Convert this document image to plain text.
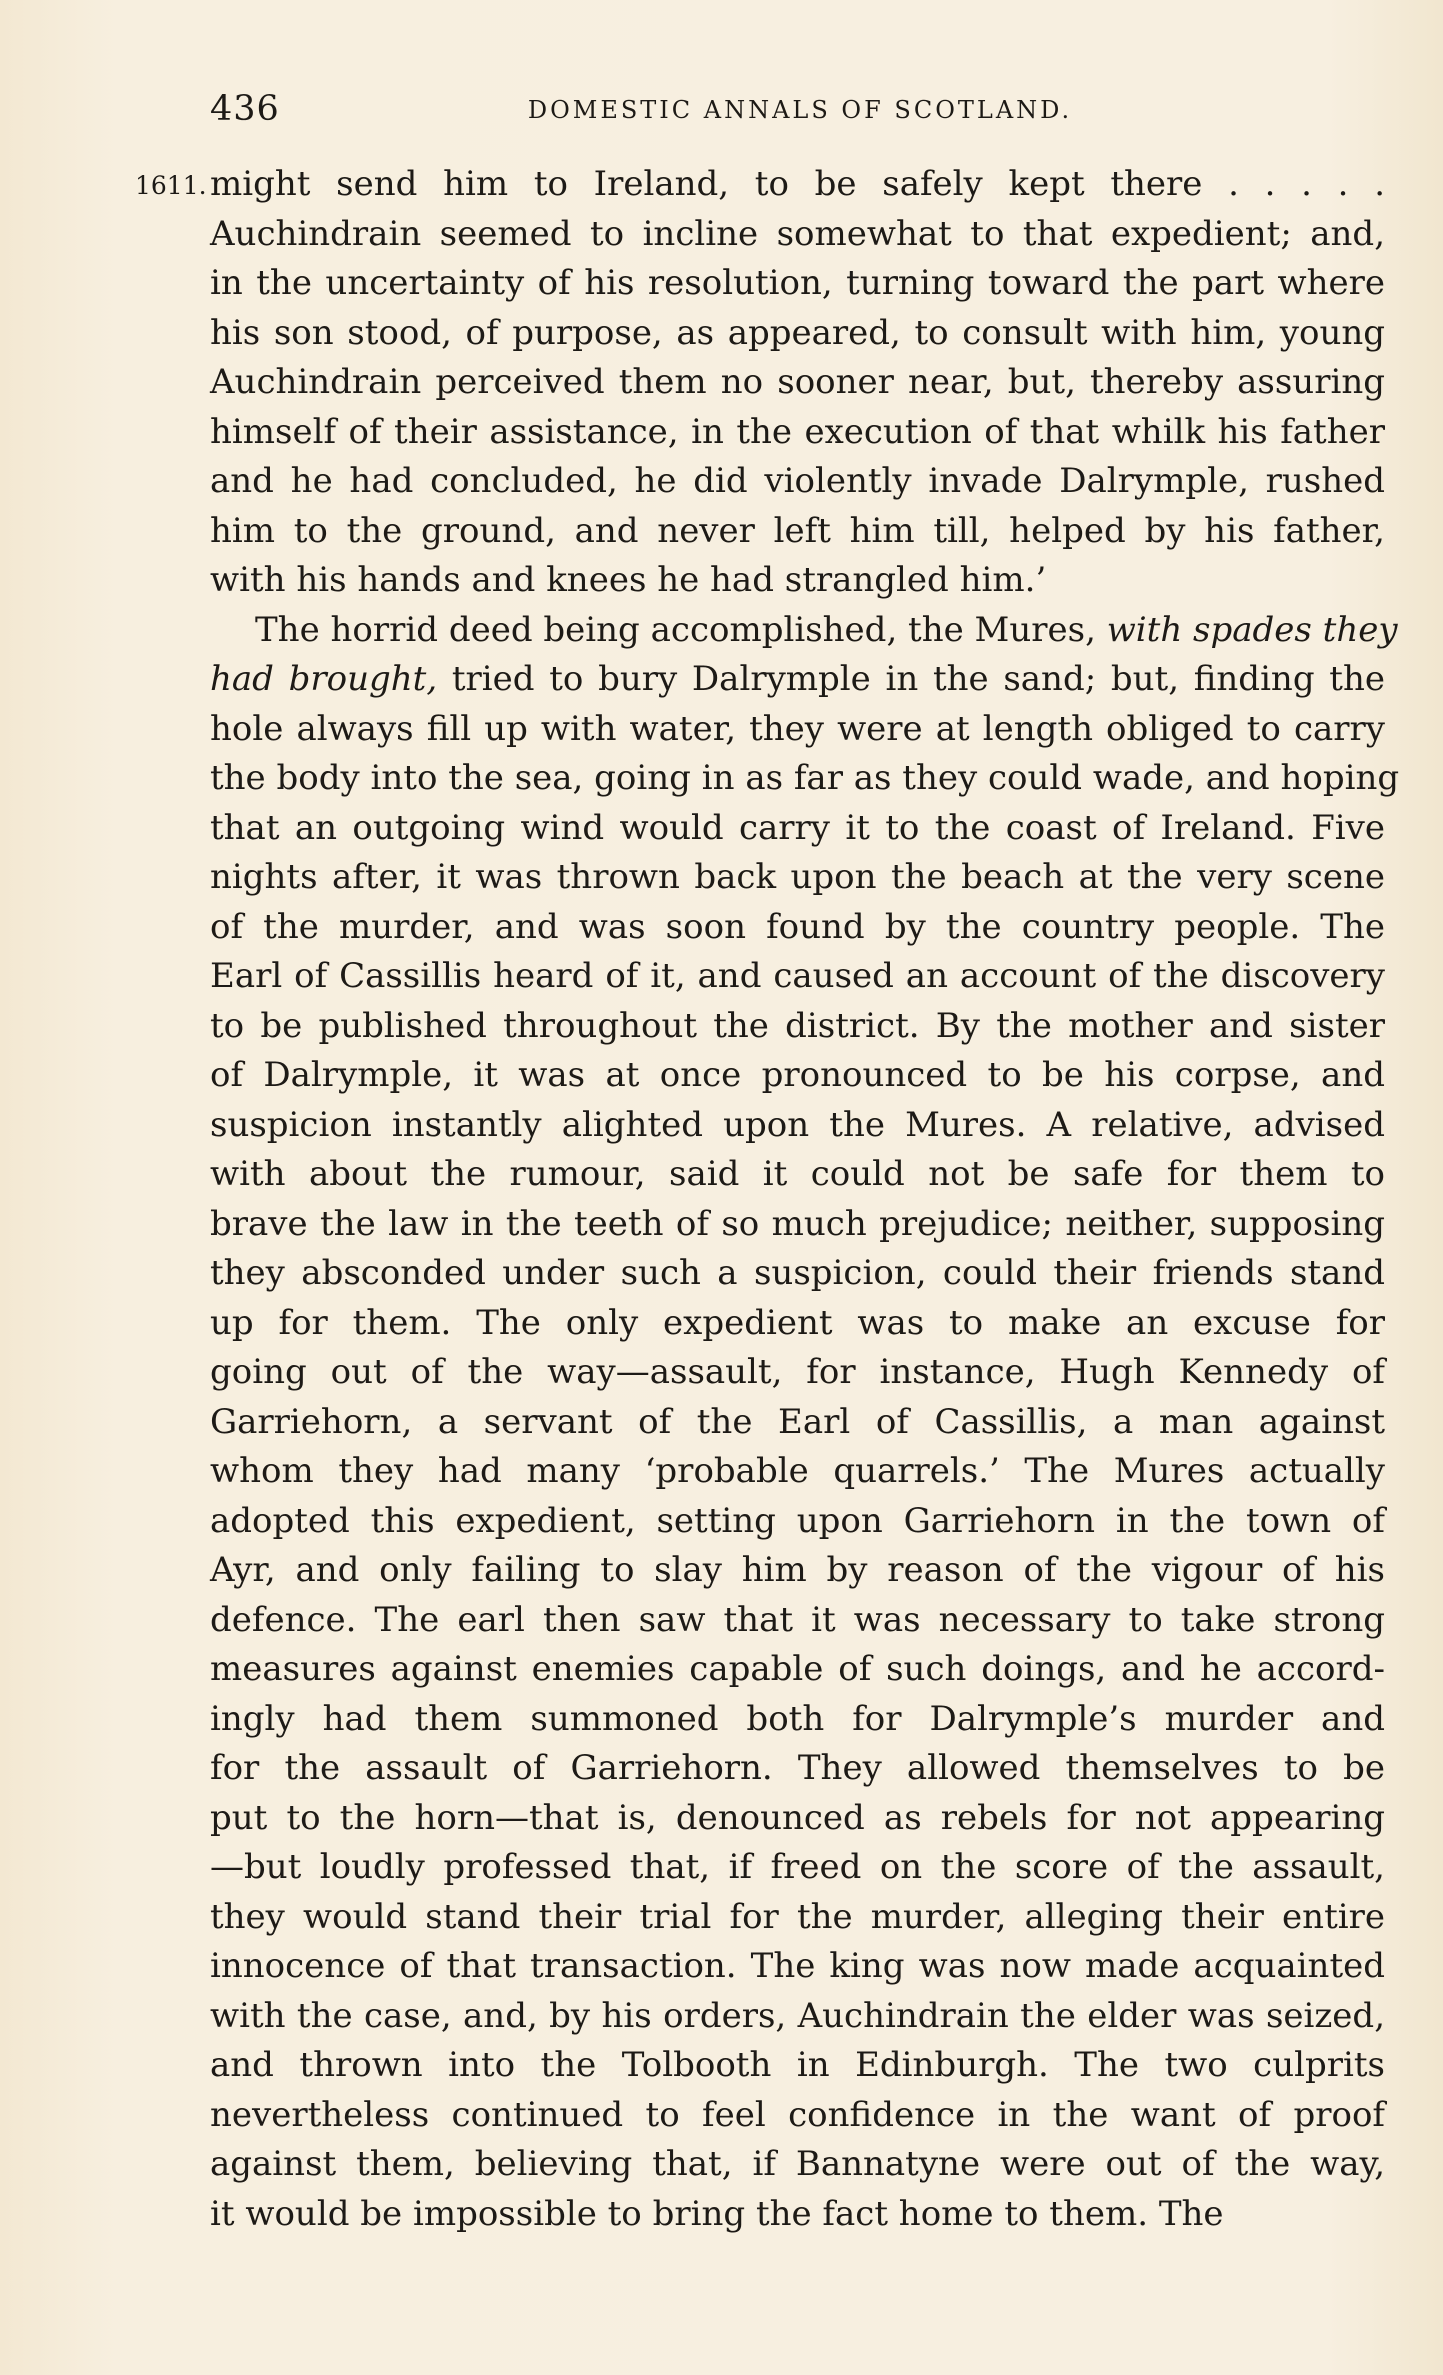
436	DOMESTIC ANNALS OF SCOTLAND.
1611. might send him to Ireland, to be safely kept there . . . . .
Auchindrain seemed to incline somewhat to that expedient; and,
in the uncertainty of his resolution, turning toward the part where
his son stood, of purpose, as appeared, to consult with him, young
Auchindrain perceived them no sooner near, but, thereby assuring
himself of their assistance, in the execution of that whilk his father
and he had concluded, he did violently invade Dalrymple, rushed
him to the ground, and never left him till, helped by his father,
with his hands and knees he had strangled him.’
The horrid deed being accomplished, the Mures, with spades they
had brought, tried to bury Dalrymple in the sand; but, finding the
hole always fill up with water, they were at length obliged to carry
the body into the sea, going in as far as they could wade, and hoping
that an outgoing wind would carry it to the coast of Ireland. Five
nights after, it was thrown back upon the beach at the very scene
of the murder, and was soon found by the country people. The
Earl of Cassillis heard of it, and caused an account of the discovery
to be published throughout the district. By the mother and sister
of Dalrymple, it was at once pronounced to be his corpse, and
suspicion instantly alighted upon the Mures. A relative, advised
with about the rumour, said it could not be safe for them to
brave the law in the teeth of so much prejudice; neither, supposing
they absconded under such a suspicion, could their friends stand
up for them. The only expedient was to make an excuse for
going out of the way—assault, for instance, Hugh Kennedy of
Garriehorn, a servant of the Earl of Cassillis, a man against
whom they had many ‘probable quarrels.’ The Mures actually
adopted this expedient, setting upon Garriehorn in the town of
Ayr, and only failing to slay him by reason of the vigour of his
defence. The earl then saw that it was necessary to take strong
measures against enemies capable of such doings, and he accord-
ingly had them summoned both for Dalrymple’s murder and
for the assault of Garriehorn. They allowed themselves to be
put to the horn—that is, denounced as rebels for not appearing
—but loudly professed that, if freed on the score of the assault,
they would stand their trial for the murder, alleging their entire
innocence of that transaction. The king was now made acquainted
with the case, and, by his orders, Auchindrain the elder was seized,
and thrown into the Tolbooth in Edinburgh. The two culprits
nevertheless continued to feel confidence in the want of proof
against them, believing that, if Bannatyne were out of the way,
it would be impossible to bring the fact home to them. The
